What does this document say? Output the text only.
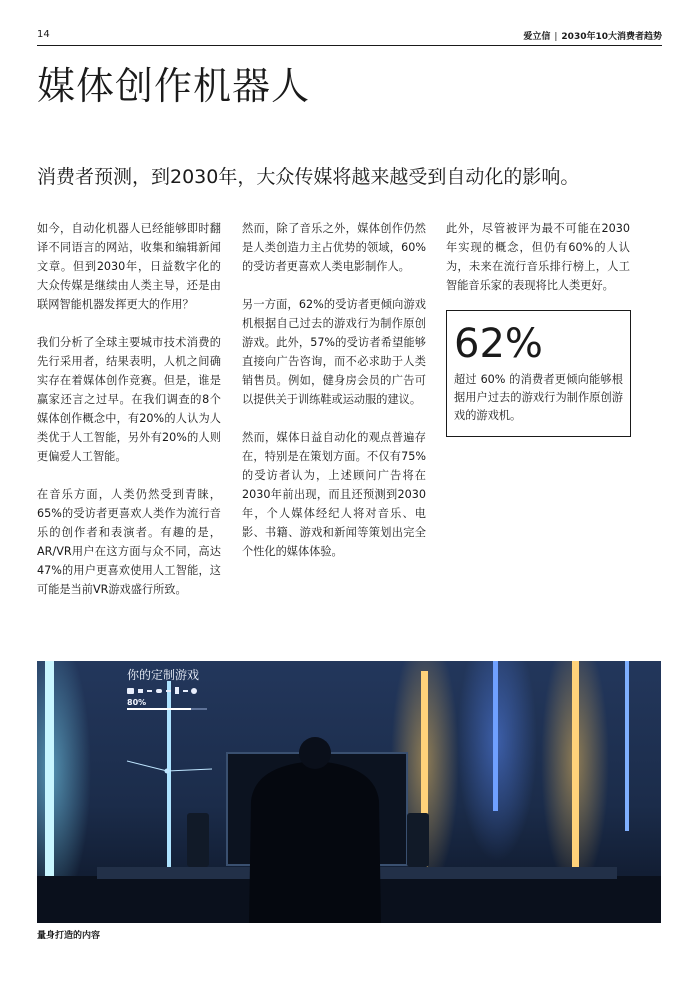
14	爱立信 | 2030年10大消费者趋势
媒体创作机器人

消费者预测，到2030年，大众传媒将越来越受到自动化的影响。

如今，自动化机器人已经能够即时翻译不同语言的网站，收集和编辑新闻文章。但到2030年，日益数字化的大众传媒是继续由人类主导，还是由联网智能机器发挥更大的作用？

我们分析了全球主要城市技术消费的先行采用者，结果表明，人机之间确实存在着媒体创作竞赛。但是，谁是赢家还言之过早。在我们调查的8个媒体创作概念中，有20%的人认为人类优于人工智能，另外有20%的人则更偏爱人工智能。

在音乐方面，人类仍然受到青睐，65%的受访者更喜欢人类作为流行音乐的创作者和表演者。有趣的是，AR/VR用户在这方面与众不同，高达47%的用户更喜欢使用人工智能，这可能是当前VR游戏盛行所致。

然而，除了音乐之外，媒体创作仍然是人类创造力主占优势的领域，60%的受访者更喜欢人类电影制作人。

另一方面，62%的受访者更倾向游戏机根据自己过去的游戏行为制作原创游戏。此外，57%的受访者希望能够直接向广告咨询，而不必求助于人类销售员。例如，健身房会员的广告可以提供关于训练鞋或运动服的建议。

然而，媒体日益自动化的观点普遍存在，特别是在策划方面。不仅有75%的受访者认为，上述顾问广告将在2030年前出现，而且还预测到2030年，个人媒体经纪人将对音乐、电影、书籍、游戏和新闻等策划出完全个性化的媒体体验。

此外，尽管被评为最不可能在2030年实现的概念，但仍有60%的人认为，未来在流行音乐排行榜上，人工智能音乐家的表现将比人类更好。

62%
超过 60% 的消费者更倾向能够根据用户过去的游戏行为制作原创游戏的游戏机。
你的定制游戏
80%
量身打造的内容
